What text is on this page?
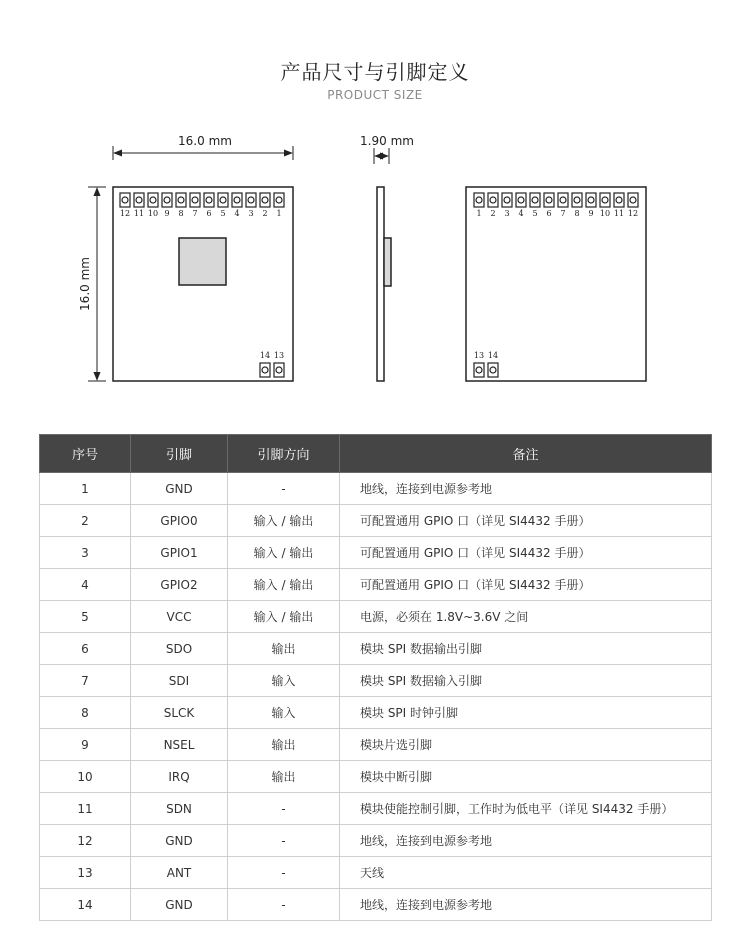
产品尺寸与引脚定义
PRODUCT SIZE
16.0 mm
16.0 mm
12 11 10 9 8 7 6 5 4 3 2 1
14 13
1.90 mm
1 2 3 4 5 6 7 8 9 10 11 12
13 14
序号	引脚	引脚方向	备注
1	GND	-	地线，连接到电源参考地
2	GPIO0	输入 / 输出	可配置通用 GPIO 口（详见 SI4432 手册）
3	GPIO1	输入 / 输出	可配置通用 GPIO 口（详见 SI4432 手册）
4	GPIO2	输入 / 输出	可配置通用 GPIO 口（详见 SI4432 手册）
5	VCC	输入 / 输出	电源，必须在 1.8V~3.6V 之间
6	SDO	输出	模块 SPI 数据输出引脚
7	SDI	输入	模块 SPI 数据输入引脚
8	SLCK	输入	模块 SPI 时钟引脚
9	NSEL	输出	模块片选引脚
10	IRQ	输出	模块中断引脚
11	SDN	-	模块使能控制引脚，工作时为低电平（详见 SI4432 手册）
12	GND	-	地线，连接到电源参考地
13	ANT	-	天线
14	GND	-	地线，连接到电源参考地
